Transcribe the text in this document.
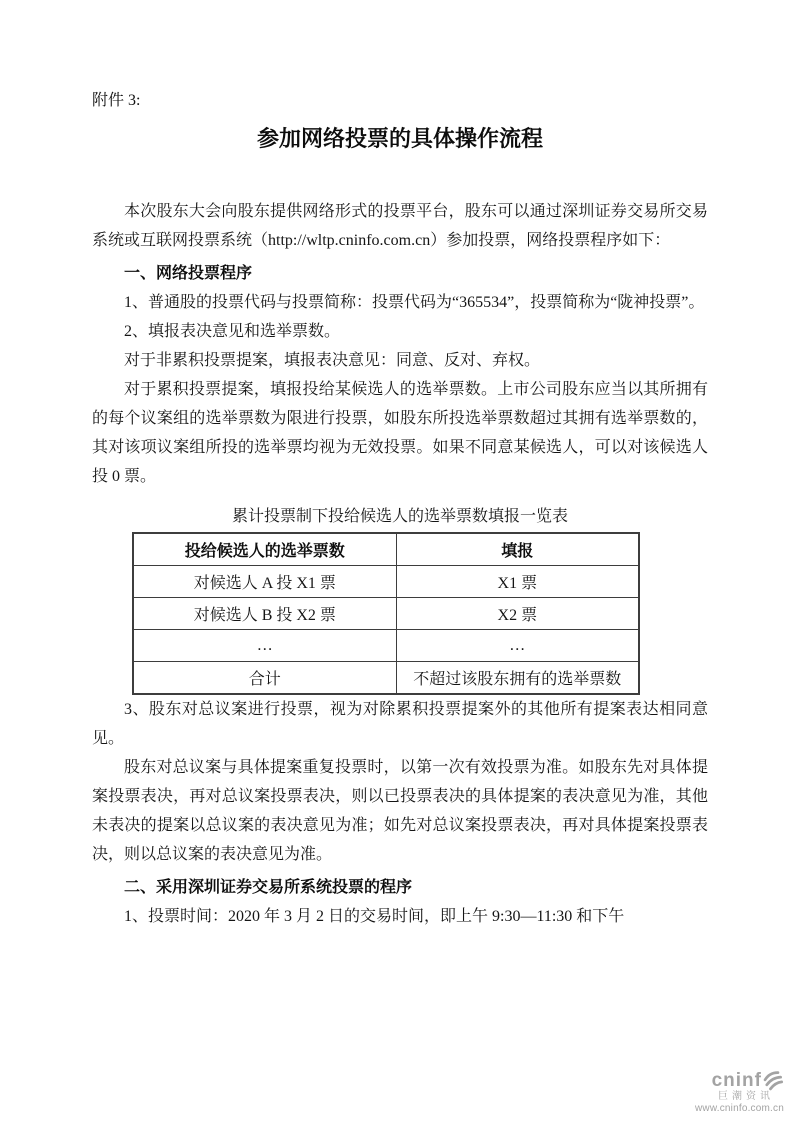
附件 3:
参加网络投票的具体操作流程

本次股东大会向股东提供网络形式的投票平台，股东可以通过深圳证券交易所交易系统或互联网投票系统（http://wltp.cninfo.com.cn）参加投票，网络投票程序如下：

一、网络投票程序

1、普通股的投票代码与投票简称：投票代码为“365534”，投票简称为“陇神投票”。

2、填报表决意见和选举票数。

对于非累积投票提案，填报表决意见：同意、反对、弃权。

对于累积投票提案，填报投给某候选人的选举票数。上市公司股东应当以其所拥有的每个议案组的选举票数为限进行投票，如股东所投选举票数超过其拥有选举票数的，其对该项议案组所投的选举票均视为无效投票。如果不同意某候选人，可以对该候选人投 0 票。

累计投票制下投给候选人的选举票数填报一览表
投给候选人的选举票数	填报
对候选人 A 投 X1 票	X1 票
对候选人 B 投 X2 票	X2 票
…	…
合计	不超过该股东拥有的选举票数

3、股东对总议案进行投票，视为对除累积投票提案外的其他所有提案表达相同意见。

股东对总议案与具体提案重复投票时，以第一次有效投票为准。如股东先对具体提案投票表决，再对总议案投票表决，则以已投票表决的具体提案的表决意见为准，其他未表决的提案以总议案的表决意见为准；如先对总议案投票表决，再对具体提案投票表决，则以总议案的表决意见为准。

二、采用深圳证券交易所系统投票的程序

1、投票时间：2020 年 3 月 2 日的交易时间，即上午 9:30—11:30 和下午

cninf
巨潮资讯
www.cninfo.com.cn
